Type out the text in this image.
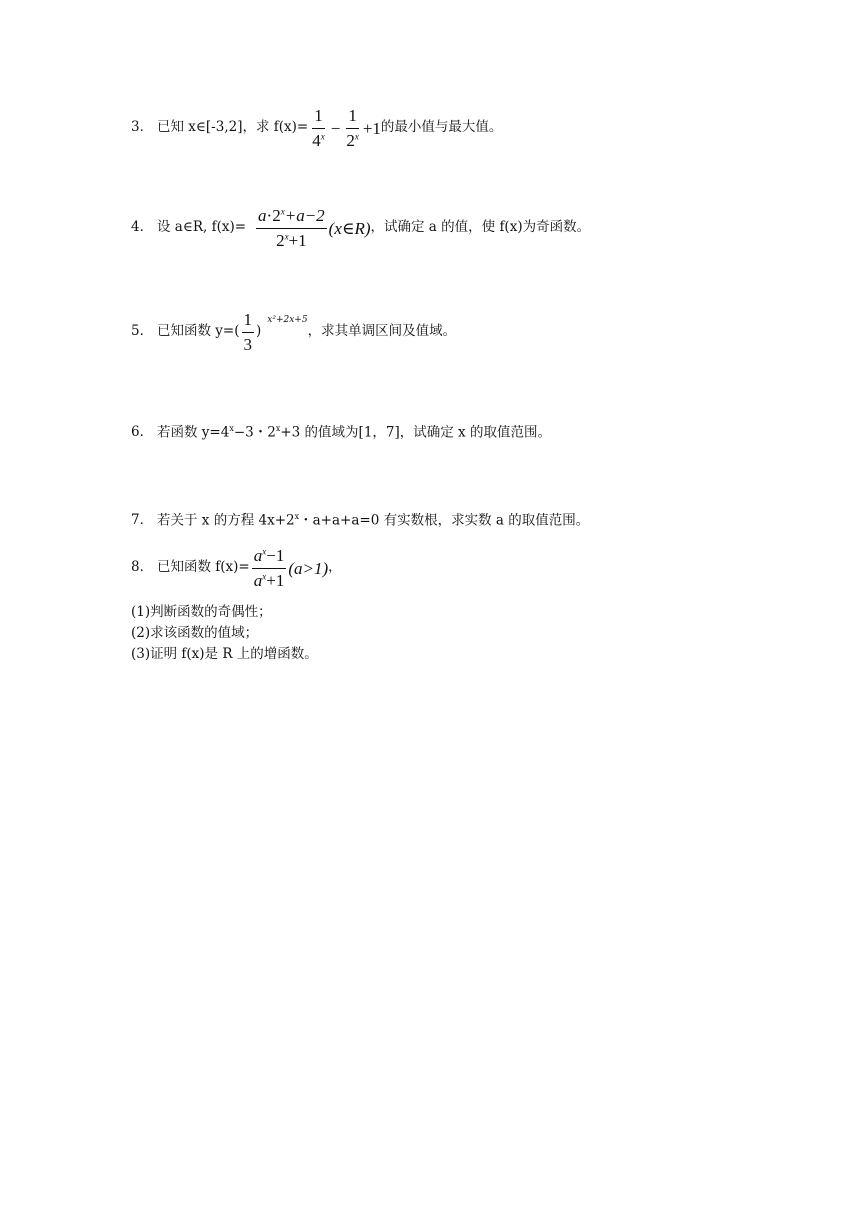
3． 已知 x∈[-3,2]，求 $f(x)= \frac{1}{4^x} - \frac{1}{2^x} +1$ 的最小值与最大值。
4． 设 a∈R, $f(x)= \frac{a\cdot 2^x+a-2}{2^x+1}$ (x∈R) ，试确定 a 的值，使 f(x)为奇函数。
5． 已知函数 $y=( \frac{1}{3}$ )
x²+2x+5
，求其单调区间及值域。
6． 若函数 $y=4^x-3$・$2^x+3$ 的值域为[1，7]，试确定 x 的取值范围。
7． 若关于 x 的方程 $4x+2^x$・a+a+a=0 有实数根，求实数 a 的取值范围。
8． 已知函数 $f(x)= \frac{a^x-1}{a^x+1} (a>1)$ ，
(1)判断函数的奇偶性；
(2)求该函数的值域；
(3)证明 f(x)是 R 上的增函数。
